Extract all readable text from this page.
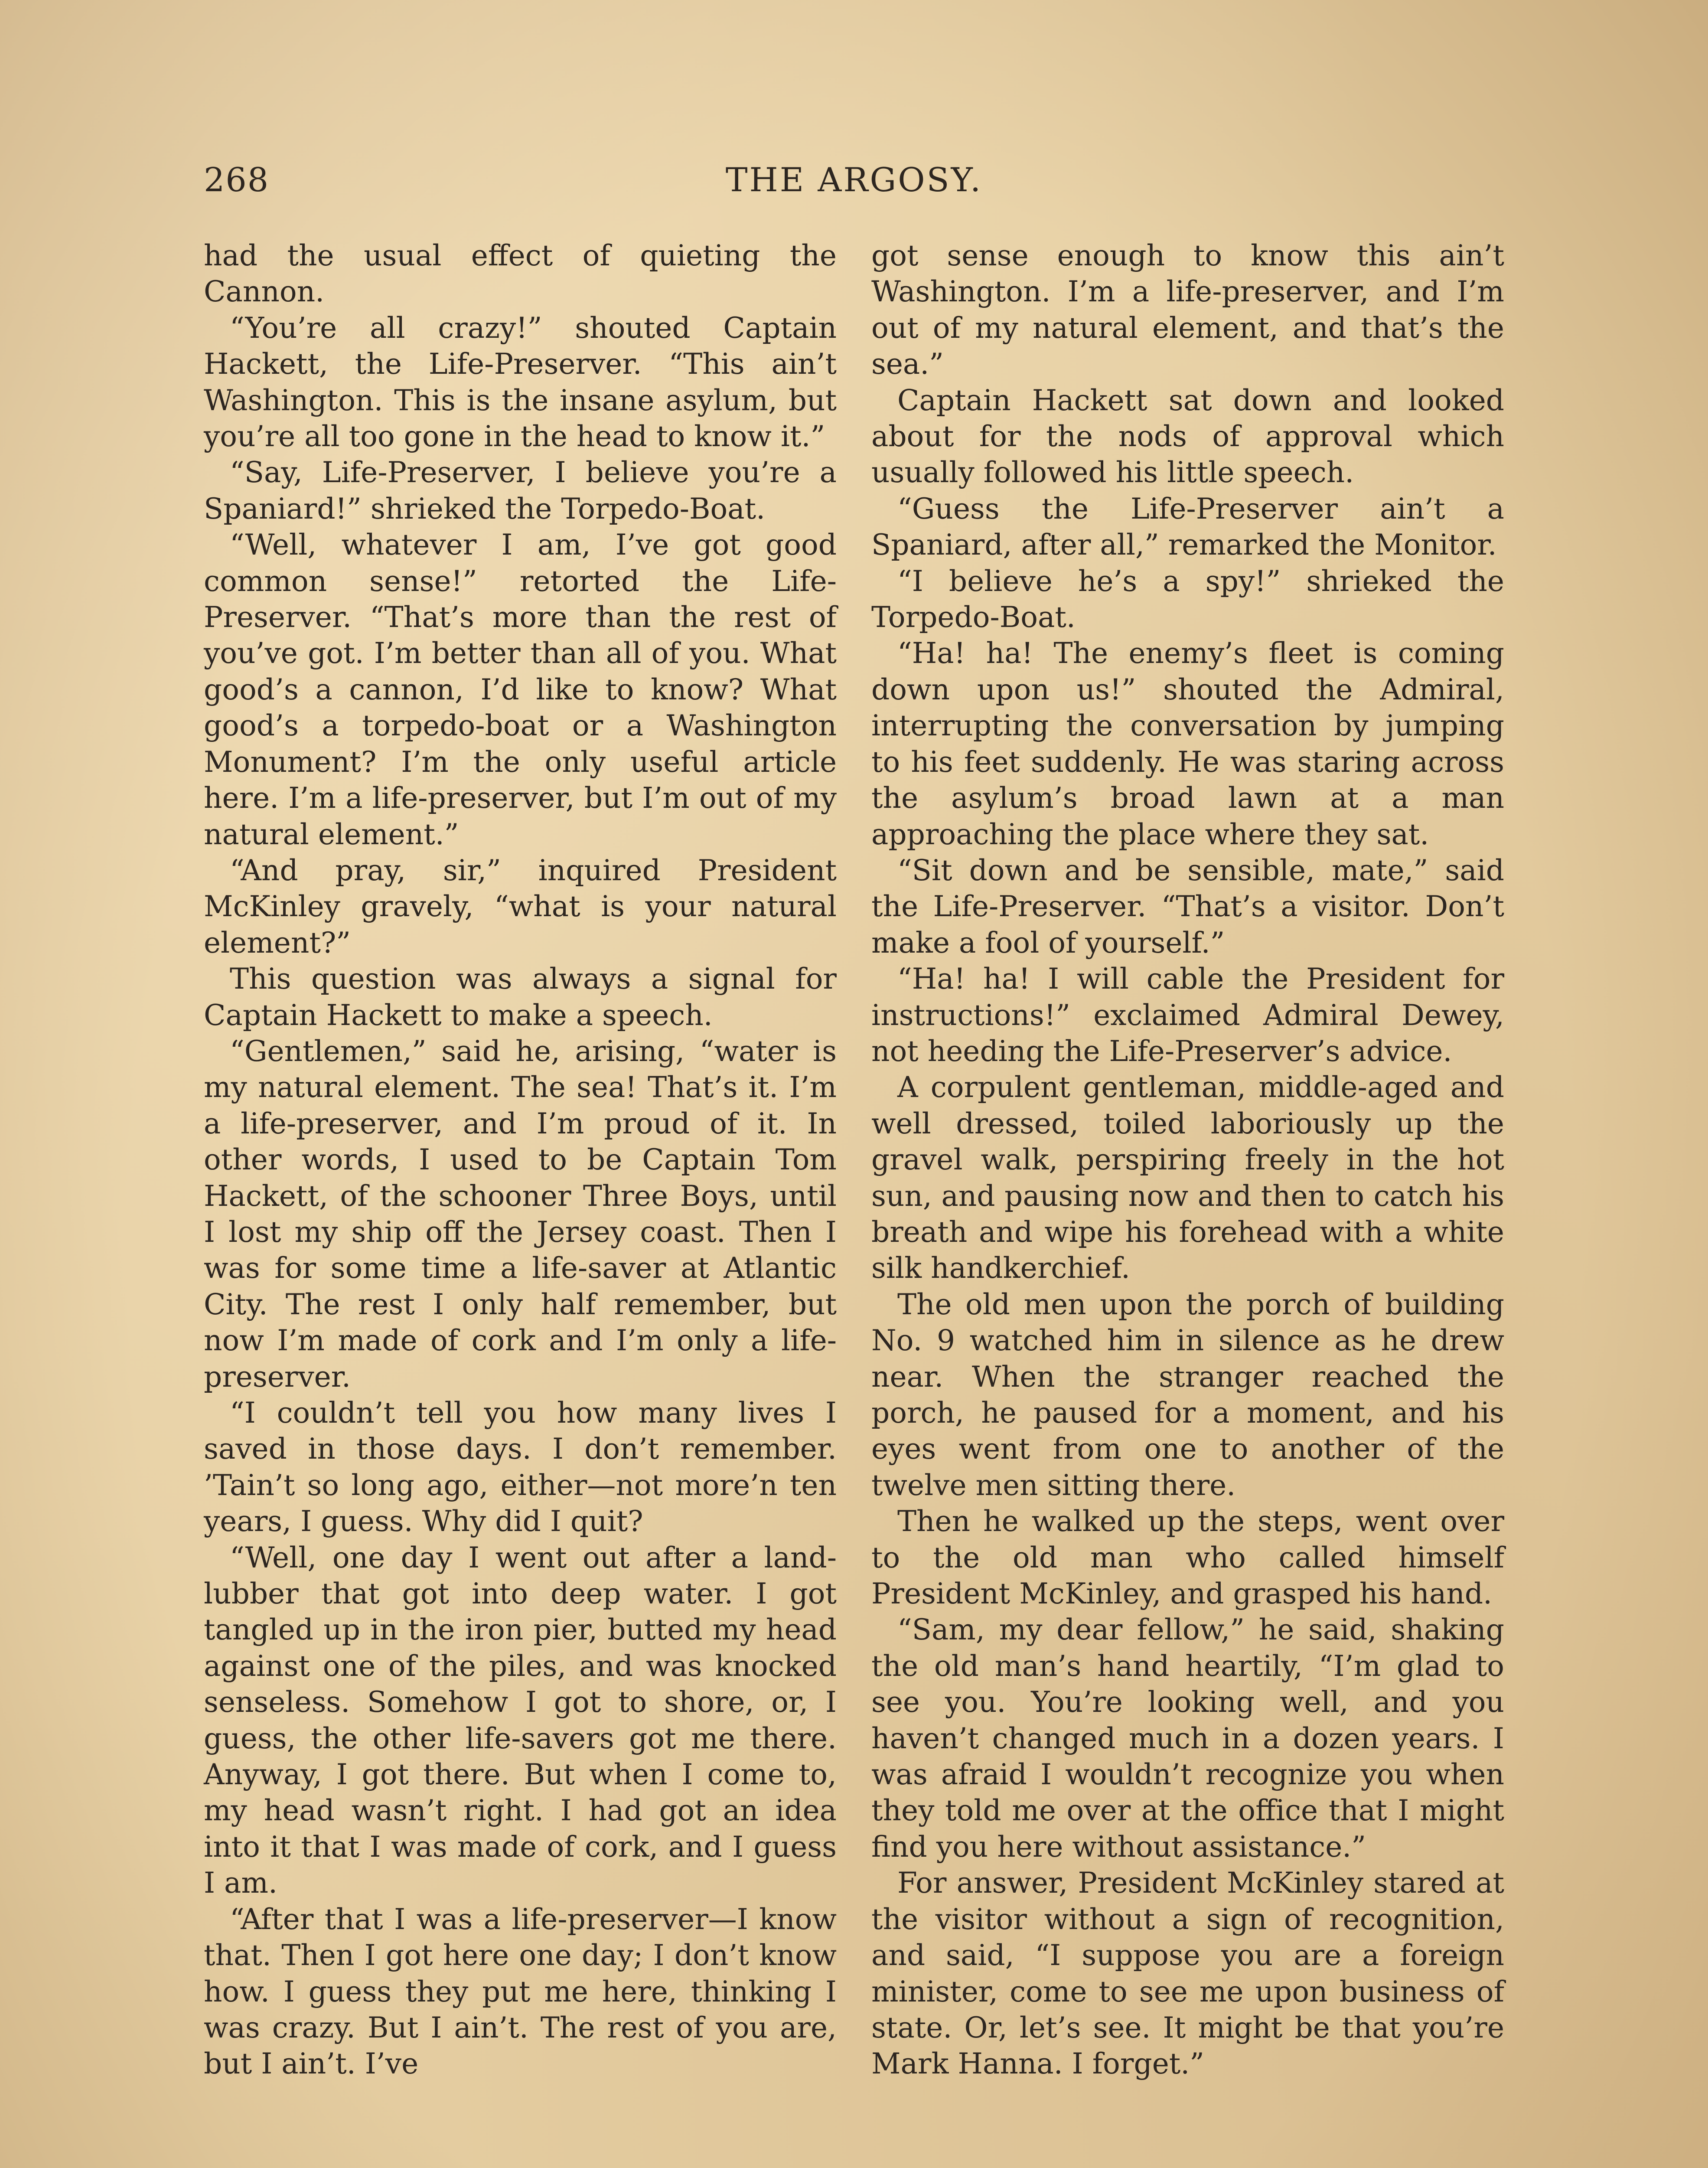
268	THE ARGOSY.

had the usual effect of quieting the Cannon.

“You’re all crazy!” shouted Captain Hackett, the Life-Preserver. “This ain’t Washington. This is the insane asylum, but you’re all too gone in the head to know it.”

“Say, Life-Preserver, I believe you’re a Spaniard!” shrieked the Torpedo-Boat.

“Well, whatever I am, I’ve got good common sense!” retorted the Life-Preserver. “That’s more than the rest of you’ve got. I’m better than all of you. What good’s a cannon, I’d like to know? What good’s a torpedo-boat or a Washington Monument? I’m the only useful article here. I’m a life-preserver, but I’m out of my natural element.”

“And pray, sir,” inquired President McKinley gravely, “what is your natural element?”

This question was always a signal for Captain Hackett to make a speech.

“Gentlemen,” said he, arising, “water is my natural element. The sea! That’s it. I’m a life-preserver, and I’m proud of it. In other words, I used to be Captain Tom Hackett, of the schooner Three Boys, until I lost my ship off the Jersey coast. Then I was for some time a life-saver at Atlantic City. The rest I only half remember, but now I’m made of cork and I’m only a life-preserver.

“I couldn’t tell you how many lives I saved in those days. I don’t remember. ’Tain’t so long ago, either—not more’n ten years, I guess. Why did I quit?

“Well, one day I went out after a land-lubber that got into deep water. I got tangled up in the iron pier, butted my head against one of the piles, and was knocked senseless. Somehow I got to shore, or, I guess, the other life-savers got me there. Anyway, I got there. But when I come to, my head wasn’t right. I had got an idea into it that I was made of cork, and I guess I am.

“After that I was a life-preserver—I know that. Then I got here one day; I don’t know how. I guess they put me here, thinking I was crazy. But I ain’t. The rest of you are, but I ain’t. I’ve

got sense enough to know this ain’t Washington. I’m a life-preserver, and I’m out of my natural element, and that’s the sea.”

Captain Hackett sat down and looked about for the nods of approval which usually followed his little speech.

“Guess the Life-Preserver ain’t a Spaniard, after all,” remarked the Monitor.

“I believe he’s a spy!” shrieked the Torpedo-Boat.

“Ha! ha! The enemy’s fleet is coming down upon us!” shouted the Admiral, interrupting the conversation by jumping to his feet suddenly. He was staring across the asylum’s broad lawn at a man approaching the place where they sat.

“Sit down and be sensible, mate,” said the Life-Preserver. “That’s a visitor. Don’t make a fool of yourself.”

“Ha! ha! I will cable the President for instructions!” exclaimed Admiral Dewey, not heeding the Life-Preserver’s advice.

A corpulent gentleman, middle-aged and well dressed, toiled laboriously up the gravel walk, perspiring freely in the hot sun, and pausing now and then to catch his breath and wipe his forehead with a white silk handkerchief.

The old men upon the porch of building No. 9 watched him in silence as he drew near. When the stranger reached the porch, he paused for a moment, and his eyes went from one to another of the twelve men sitting there.

Then he walked up the steps, went over to the old man who called himself President McKinley, and grasped his hand.

“Sam, my dear fellow,” he said, shaking the old man’s hand heartily, “I’m glad to see you. You’re looking well, and you haven’t changed much in a dozen years. I was afraid I wouldn’t recognize you when they told me over at the office that I might find you here without assistance.”

For answer, President McKinley stared at the visitor without a sign of recognition, and said, “I suppose you are a foreign minister, come to see me upon business of state. Or, let’s see. It might be that you’re Mark Hanna. I forget.”
